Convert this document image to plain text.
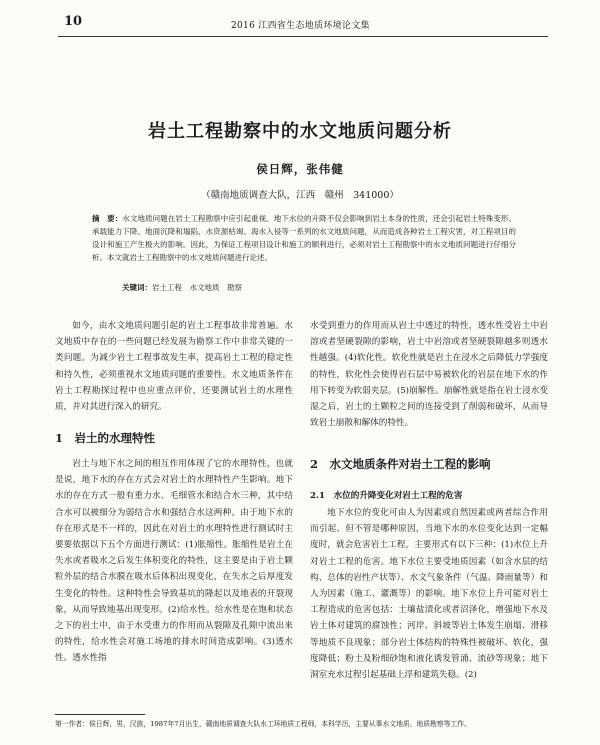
10	2016 江西省生态地质环境论文集
岩土工程勘察中的水文地质问题分析
侯日辉，张伟健
（赣南地质调查大队，江西　赣州　341000）
摘　要：水文地质问题在岩土工程勘察中应引起重视。地下水位的升降不仅会影响到岩土本身的性质，还会引起岩土特殊变形、承载能力下降、地面沉降和塌陷、水资源枯竭、海水入侵等一系列的水文地质问题，从而造成各种岩土工程灾害，对工程项目的设计和施工产生极大的影响。因此，为保证工程项目设计和施工的顺利进行，必须对岩土工程勘察中的水文地质问题进行仔细分析。本文就岩土工程勘察中的水文地质问题进行论述。
关键词：岩土工程　水文地质　勘察

如今，由水文地质问题引起的岩土工程事故非常普遍。水文地质中存在的一些问题已经发展为勘察工作中非常关键的一类问题。为减少岩土工程事故发生率，提高岩土工程的稳定性和持久性，必须重视水文地质问题的重要性。水文地质条件在岩土工程勘探过程中也应重点评价，还要测试岩土的水理性质，并对其进行深入的研究。

1　岩土的水理特性

岩土与地下水之间的相互作用体现了它的水理特性，也就是说，地下水的存在方式会对岩土的水理特性产生影响。地下水的存在方式一般有重力水、毛细管水和结合水三种，其中结合水可以被细分为弱结合水和强结合水这两种。由于地下水的存在形式是不一样的，因此在对岩土的水理特性进行测试时主要要依据以下五个方面进行测试：(1)胀缩性。胀缩性是岩土在失水或者吸水之后发生体积变化的特性，这主要是由于岩土颗粒外层的结合水膜在吸水后体积出现变化，在失水之后厚度发生变化的特性。这种特性会导致基坑的隆起以及地表的开裂现象，从而导致地基出现变形。(2)给水性。给水性是在饱和状态之下的岩土中，由于水受重力的作用而从裂隙及孔隙中流出来的特性，给水性会对施工场地的排水时间造成影响。(3)透水性。透水性指

水受到重力的作用而从岩土中透过的特性，透水性受岩土中岩溶或者坚硬裂隙的影响，岩土中岩溶或者坚硬裂隙越多则透水性越强。(4)软化性。软化性就是岩土在浸水之后降低力学强度的特性，软化性会使得岩石层中易被软化的岩层在地下水的作用下转变为软弱夹层。(5)崩解性。崩解性就是指在岩土浸水变湿之后，岩土的土颗粒之间的连接受到了削弱和破坏，从而导致岩土崩散和解体的特性。

2　水文地质条件对岩土工程的影响
2.1　水位的升降变化对岩土工程的危害

地下水位的变化可由人为因素或自然因素或两者综合作用而引起。但不管是哪种原因，当地下水的水位变化达到一定幅度时，就会危害岩土工程，主要形式有以下三种：(1)水位上升对岩土工程的危害。地下水位主要受地质因素（如含水层的结构、总体的岩性产状等）、水文气象条件（气温、降雨量等）和人为因素（施工、灌溉等）的影响。地下水位上升可能对岩土工程造成的危害包括：土壤盐渍化或者沼泽化，增强地下水及岩土体对建筑的腐蚀性；河岸、斜坡等岩土体发生崩塌、滑移等地质不良现象；部分岩土体结构的特殊性被破坏、软化，强度降低；粉土及粉细砂饱和液化诱发管涌、流砂等现象；地下洞室充水过程引起基础上浮和建筑失稳。(2)

第一作者：侯日辉，男，汉族，1987年7月出生，赣南地质调查大队水工环地质工程师，本科学历，主要从事水文地质、地质勘察等工作。
